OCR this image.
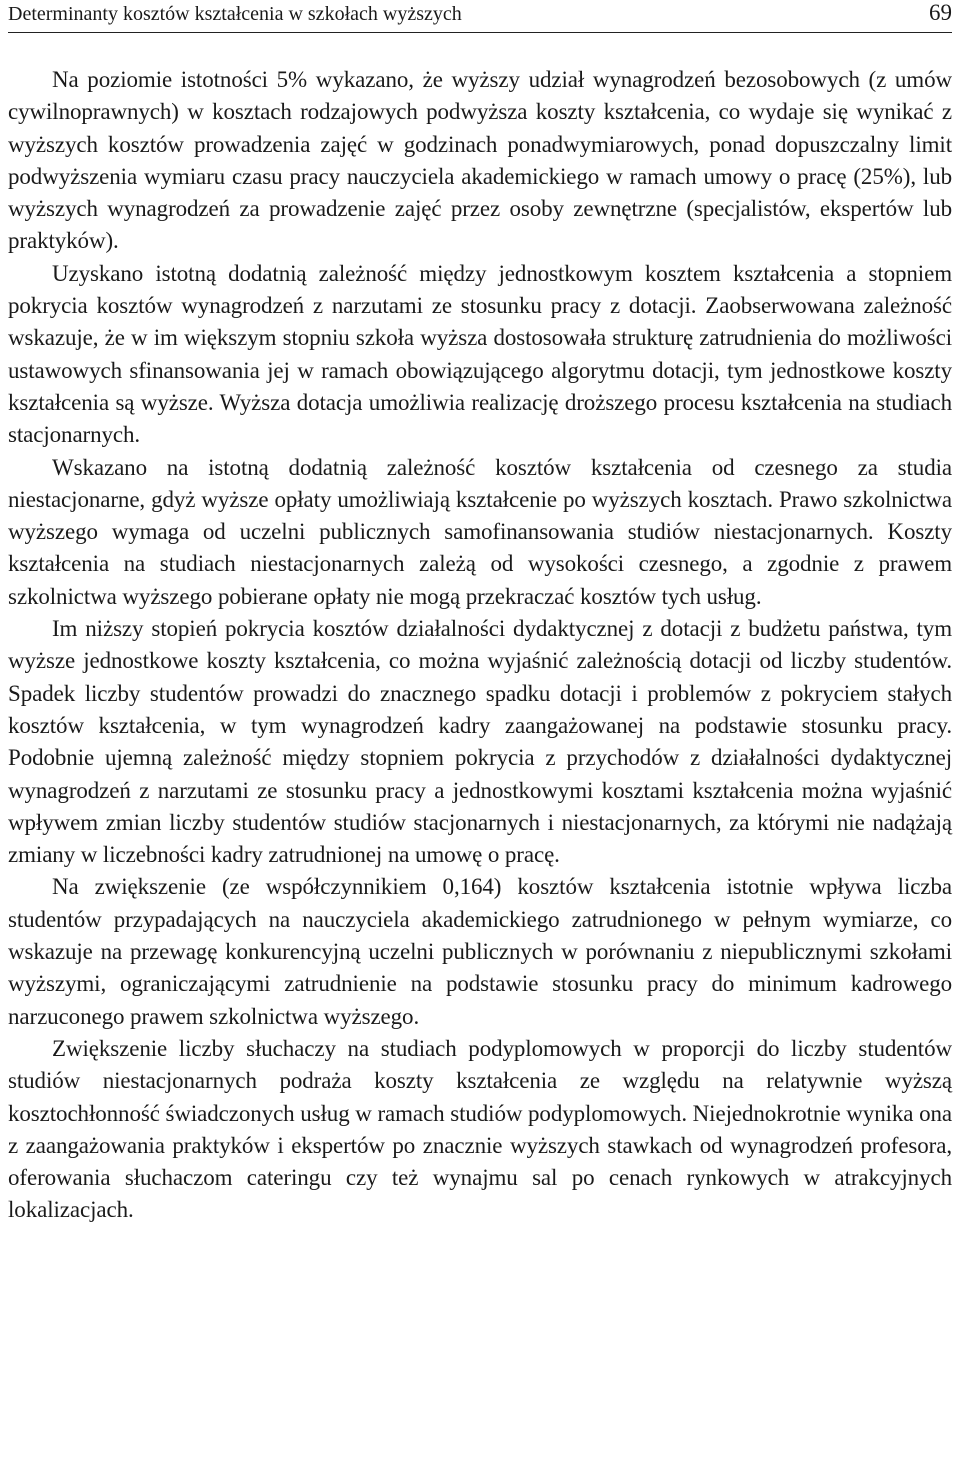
Determinanty kosztów kształcenia w szkołach wyższych	69

Na poziomie istotności 5% wykazano, że wyższy udział wynagrodzeń bezosobowych (z umów cywilnoprawnych) w kosztach rodzajowych podwyższa koszty kształcenia, co wydaje się wynikać z wyższych kosztów prowadzenia zajęć w godzinach ponadwymiarowych, ponad dopuszczalny limit podwyższenia wymiaru czasu pracy nauczyciela akademickiego w ramach umowy o pracę (25%), lub wyższych wynagrodzeń za prowadzenie zajęć przez osoby zewnętrzne (specjalistów, ekspertów lub praktyków).

Uzyskano istotną dodatnią zależność między jednostkowym kosztem kształcenia a stopniem pokrycia kosztów wynagrodzeń z narzutami ze stosunku pracy z dotacji. Zaobserwowana zależność wskazuje, że w im większym stopniu szkoła wyższa dostosowała strukturę zatrudnienia do możliwości ustawowych sfinansowania jej w ramach obowiązującego algorytmu dotacji, tym jednostkowe koszty kształcenia są wyższe. Wyższa dotacja umożliwia realizację droższego procesu kształcenia na studiach stacjonarnych.

Wskazano na istotną dodatnią zależność kosztów kształcenia od czesnego za studia niestacjonarne, gdyż wyższe opłaty umożliwiają kształcenie po wyższych kosztach. Prawo szkolnictwa wyższego wymaga od uczelni publicznych samofinansowania studiów niestacjonarnych. Koszty kształcenia na studiach niestacjonarnych zależą od wysokości czesnego, a zgodnie z prawem szkolnictwa wyższego pobierane opłaty nie mogą przekraczać kosztów tych usług.

Im niższy stopień pokrycia kosztów działalności dydaktycznej z dotacji z budżetu państwa, tym wyższe jednostkowe koszty kształcenia, co można wyjaśnić zależnością dotacji od liczby studentów. Spadek liczby studentów prowadzi do znacznego spadku dotacji i problemów z pokryciem stałych kosztów kształcenia, w tym wynagrodzeń kadry zaangażowanej na podstawie stosunku pracy. Podobnie ujemną zależność między stopniem pokrycia z przychodów z działalności dydaktycznej wynagrodzeń z narzutami ze stosunku pracy a jednostkowymi kosztami kształcenia można wyjaśnić wpływem zmian liczby studentów studiów stacjonarnych i niestacjonarnych, za którymi nie nadążają zmiany w liczebności kadry zatrudnionej na umowę o pracę.

Na zwiększenie (ze współczynnikiem 0,164) kosztów kształcenia istotnie wpływa liczba studentów przypadających na nauczyciela akademickiego zatrudnionego w pełnym wymiarze, co wskazuje na przewagę konkurencyjną uczelni publicznych w porównaniu z niepublicznymi szkołami wyższymi, ograniczającymi zatrudnienie na podstawie stosunku pracy do minimum kadrowego narzuconego prawem szkolnictwa wyższego.

Zwiększenie liczby słuchaczy na studiach podyplomowych w proporcji do liczby studentów studiów niestacjonarnych podraża koszty kształcenia ze względu na relatywnie wyższą kosztochłonność świadczonych usług w ramach studiów podyplomowych. Niejednokrotnie wynika ona z zaangażowania praktyków i ekspertów po znacznie wyższych stawkach od wynagrodzeń profesora, oferowania słuchaczom cateringu czy też wynajmu sal po cenach rynkowych w atrakcyjnych lokalizacjach.
